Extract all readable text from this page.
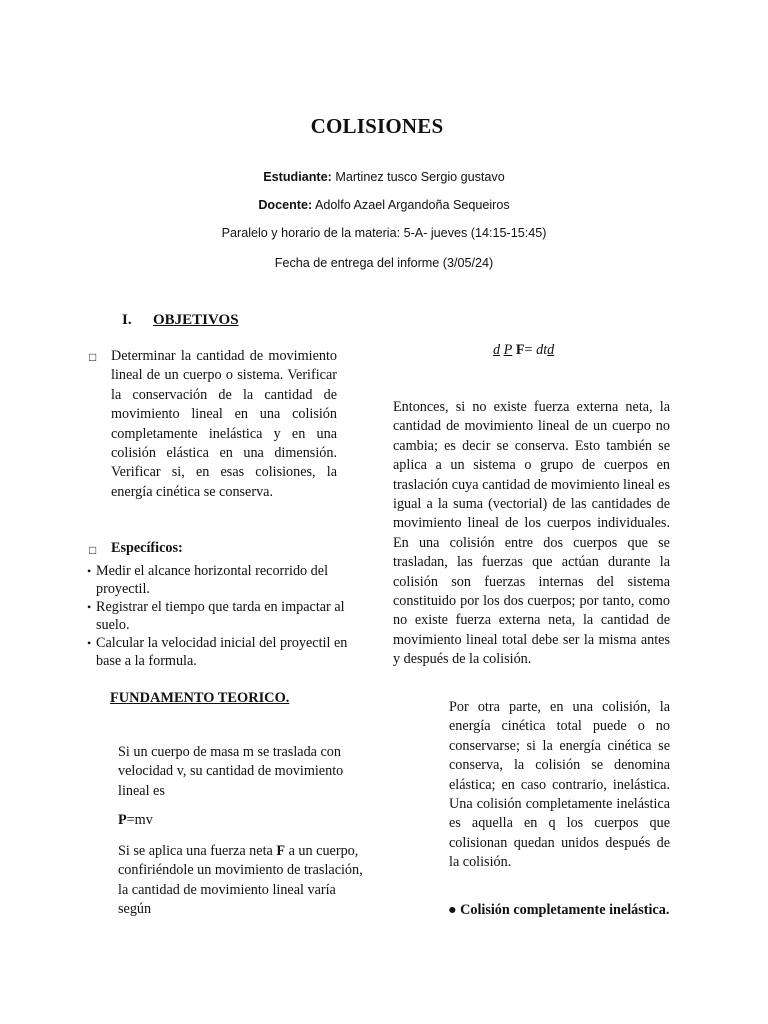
COLISIONES
Estudiante: Martinez tusco Sergio gustavo
Docente: Adolfo Azael Argandoña Sequeiros
Paralelo y horario de la materia: 5-A- jueves (14:15-15:45)
Fecha de entrega del informe (3/05/24)
I. OBJETIVOS
□ Determinar la cantidad de movimiento lineal de un cuerpo o sistema. Verificar la conservación de la cantidad de movimiento lineal en una colisión completamente inelástica y en una colisión elástica en una dimensión. Verificar si, en esas colisiones, la energía cinética se conserva.
□ Específicos:
• Medir el alcance horizontal recorrido del proyectil.
• Registrar el tiempo que tarda en impactar al suelo.
• Calcular la velocidad inicial del proyectil en base a la formula.
FUNDAMENTO TEORICO.
Si un cuerpo de masa m se traslada con velocidad v, su cantidad de movimiento lineal es
P=mv
Si se aplica una fuerza neta F a un cuerpo, confiriéndole un movimiento de traslación, la cantidad de movimiento lineal varía según
d P F= dtd
Entonces, si no existe fuerza externa neta, la cantidad de movimiento lineal de un cuerpo no cambia; es decir se conserva. Esto también se aplica a un sistema o grupo de cuerpos en traslación cuya cantidad de movimiento lineal es igual a la suma (vectorial) de las cantidades de movimiento lineal de los cuerpos individuales. En una colisión entre dos cuerpos que se trasladan, las fuerzas que actúan durante la colisión son fuerzas internas del sistema constituido por los dos cuerpos; por tanto, como no existe fuerza externa neta, la cantidad de movimiento lineal total debe ser la misma antes y después de la colisión.
Por otra parte, en una colisión, la energía cinética total puede o no conservarse; si la energía cinética se conserva, la colisión se denomina elástica; en caso contrario, inelástica. Una colisión completamente inelástica es aquella en q los cuerpos que colisionan quedan unidos después de la colisión.
● Colisión completamente inelástica.
